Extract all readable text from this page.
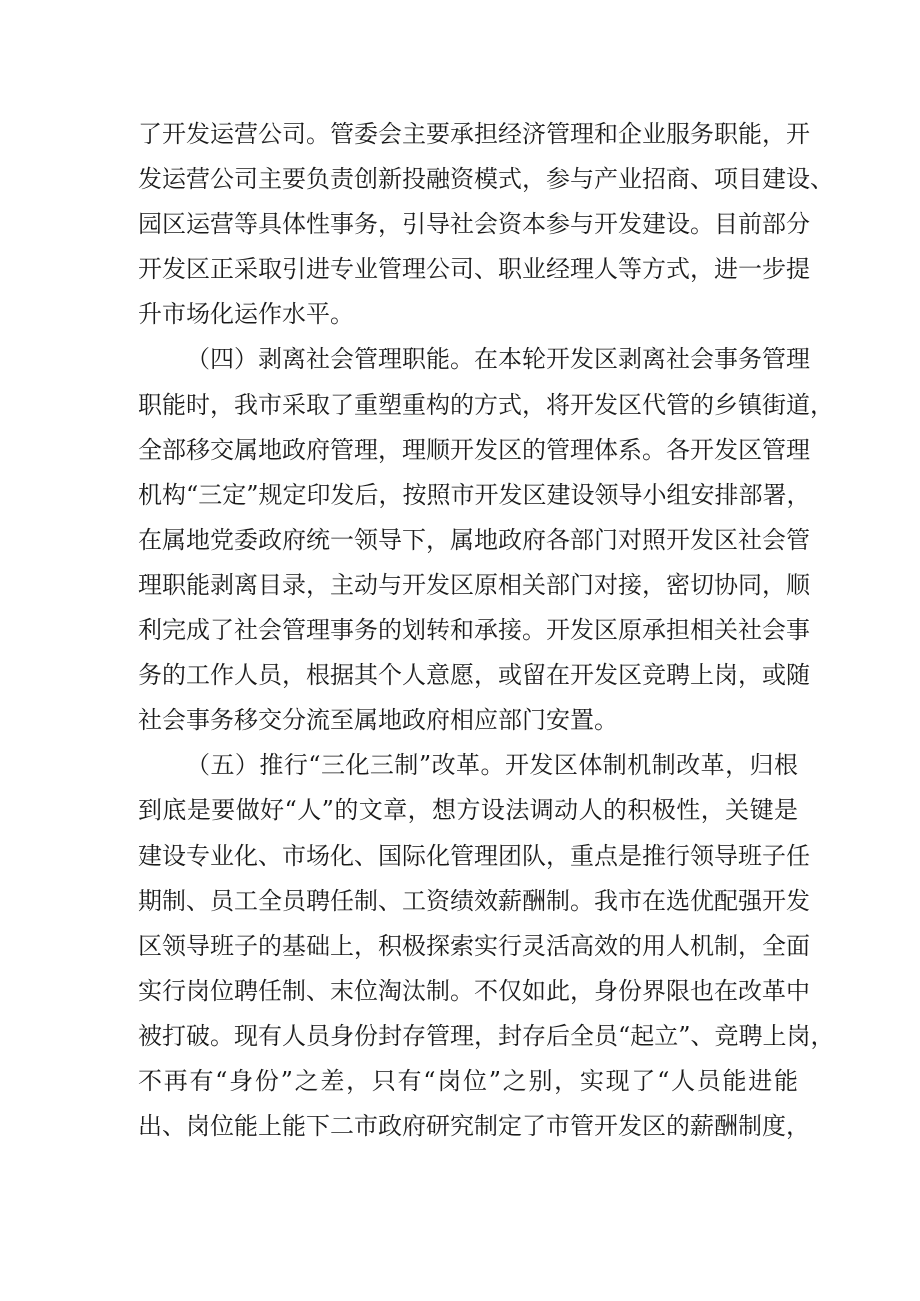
了开发运营公司。管委会主要承担经济管理和企业服务职能，开
发运营公司主要负责创新投融资模式，参与产业招商、项目建设、
园区运营等具体性事务，引导社会资本参与开发建设。目前部分
开发区正采取引进专业管理公司、职业经理人等方式，进一步提
升市场化运作水平。
（四）剥离社会管理职能。在本轮开发区剥离社会事务管理
职能时，我市采取了重塑重构的方式，将开发区代管的乡镇街道，
全部移交属地政府管理，理顺开发区的管理体系。各开发区管理
机构“三定”规定印发后，按照市开发区建设领导小组安排部署，
在属地党委政府统一领导下，属地政府各部门对照开发区社会管
理职能剥离目录，主动与开发区原相关部门对接，密切协同，顺
利完成了社会管理事务的划转和承接。开发区原承担相关社会事
务的工作人员，根据其个人意愿，或留在开发区竞聘上岗，或随
社会事务移交分流至属地政府相应部门安置。
（五）推行“三化三制”改革。开发区体制机制改革，归根
到底是要做好“人”的文章，想方设法调动人的积极性，关键是
建设专业化、市场化、国际化管理团队，重点是推行领导班子任
期制、员工全员聘任制、工资绩效薪酬制。我市在选优配强开发
区领导班子的基础上，积极探索实行灵活高效的用人机制，全面
实行岗位聘任制、末位淘汰制。不仅如此，身份界限也在改革中
被打破。现有人员身份封存管理，封存后全员“起立”、竞聘上岗，
不再有“身份”之差，只有“岗位”之别，实现了“人员能进能
出、岗位能上能下二市政府研究制定了市管开发区的薪酬制度，
